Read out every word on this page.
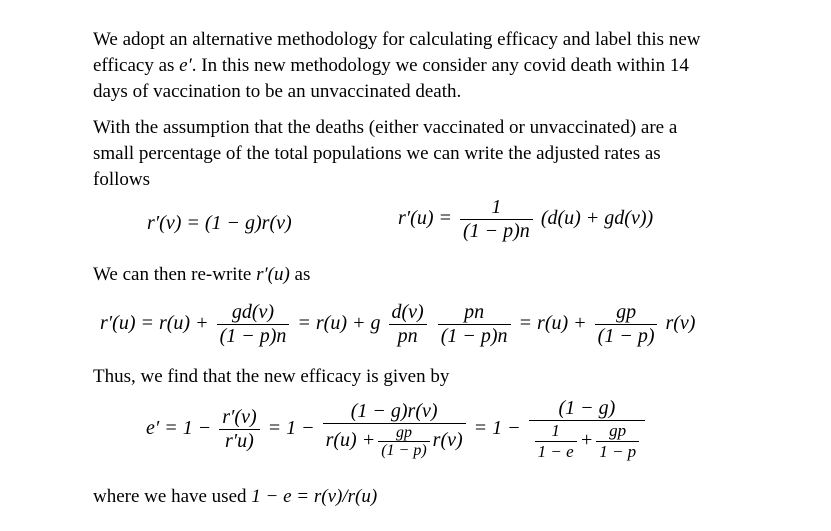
We adopt an alternative methodology for calculating efficacy and label this new
efficacy as e′. In this new methodology we consider any covid death within 14
days of vaccination to be an unvaccinated death.
With the assumption that the deaths (either vaccinated or unvaccinated) are a
small percentage of the total populations we can write the adjusted rates as
follows
r′(v) = (1 − g)r(v)	$r'(u) = \frac{1}{(1 - p)n} (d(u) + gd(v))$
We can then re-write r′(u) as
$r'(u) = r(u) + \frac{gd(v)}{(1 - p)n} = r(u) + g \frac{d(v)}{pn}$
$\frac{pn}{(1 - p)n} = r(u) + \frac{gp}{(1 - p)} r(v)$
Thus, we find that the new efficacy is given by
$e' = 1 - \frac{r'(v)}{r'u)} = 1 - \frac{(1 - g)r(v)}{r(u) + \frac{gp}{(1 - p)} r(v)} = 1 - \frac{(1 - g)}{\frac{1}{1 - e} + \frac{gp}{1 - p}}$
where we have used 1 − e = r(v)/r(u)
